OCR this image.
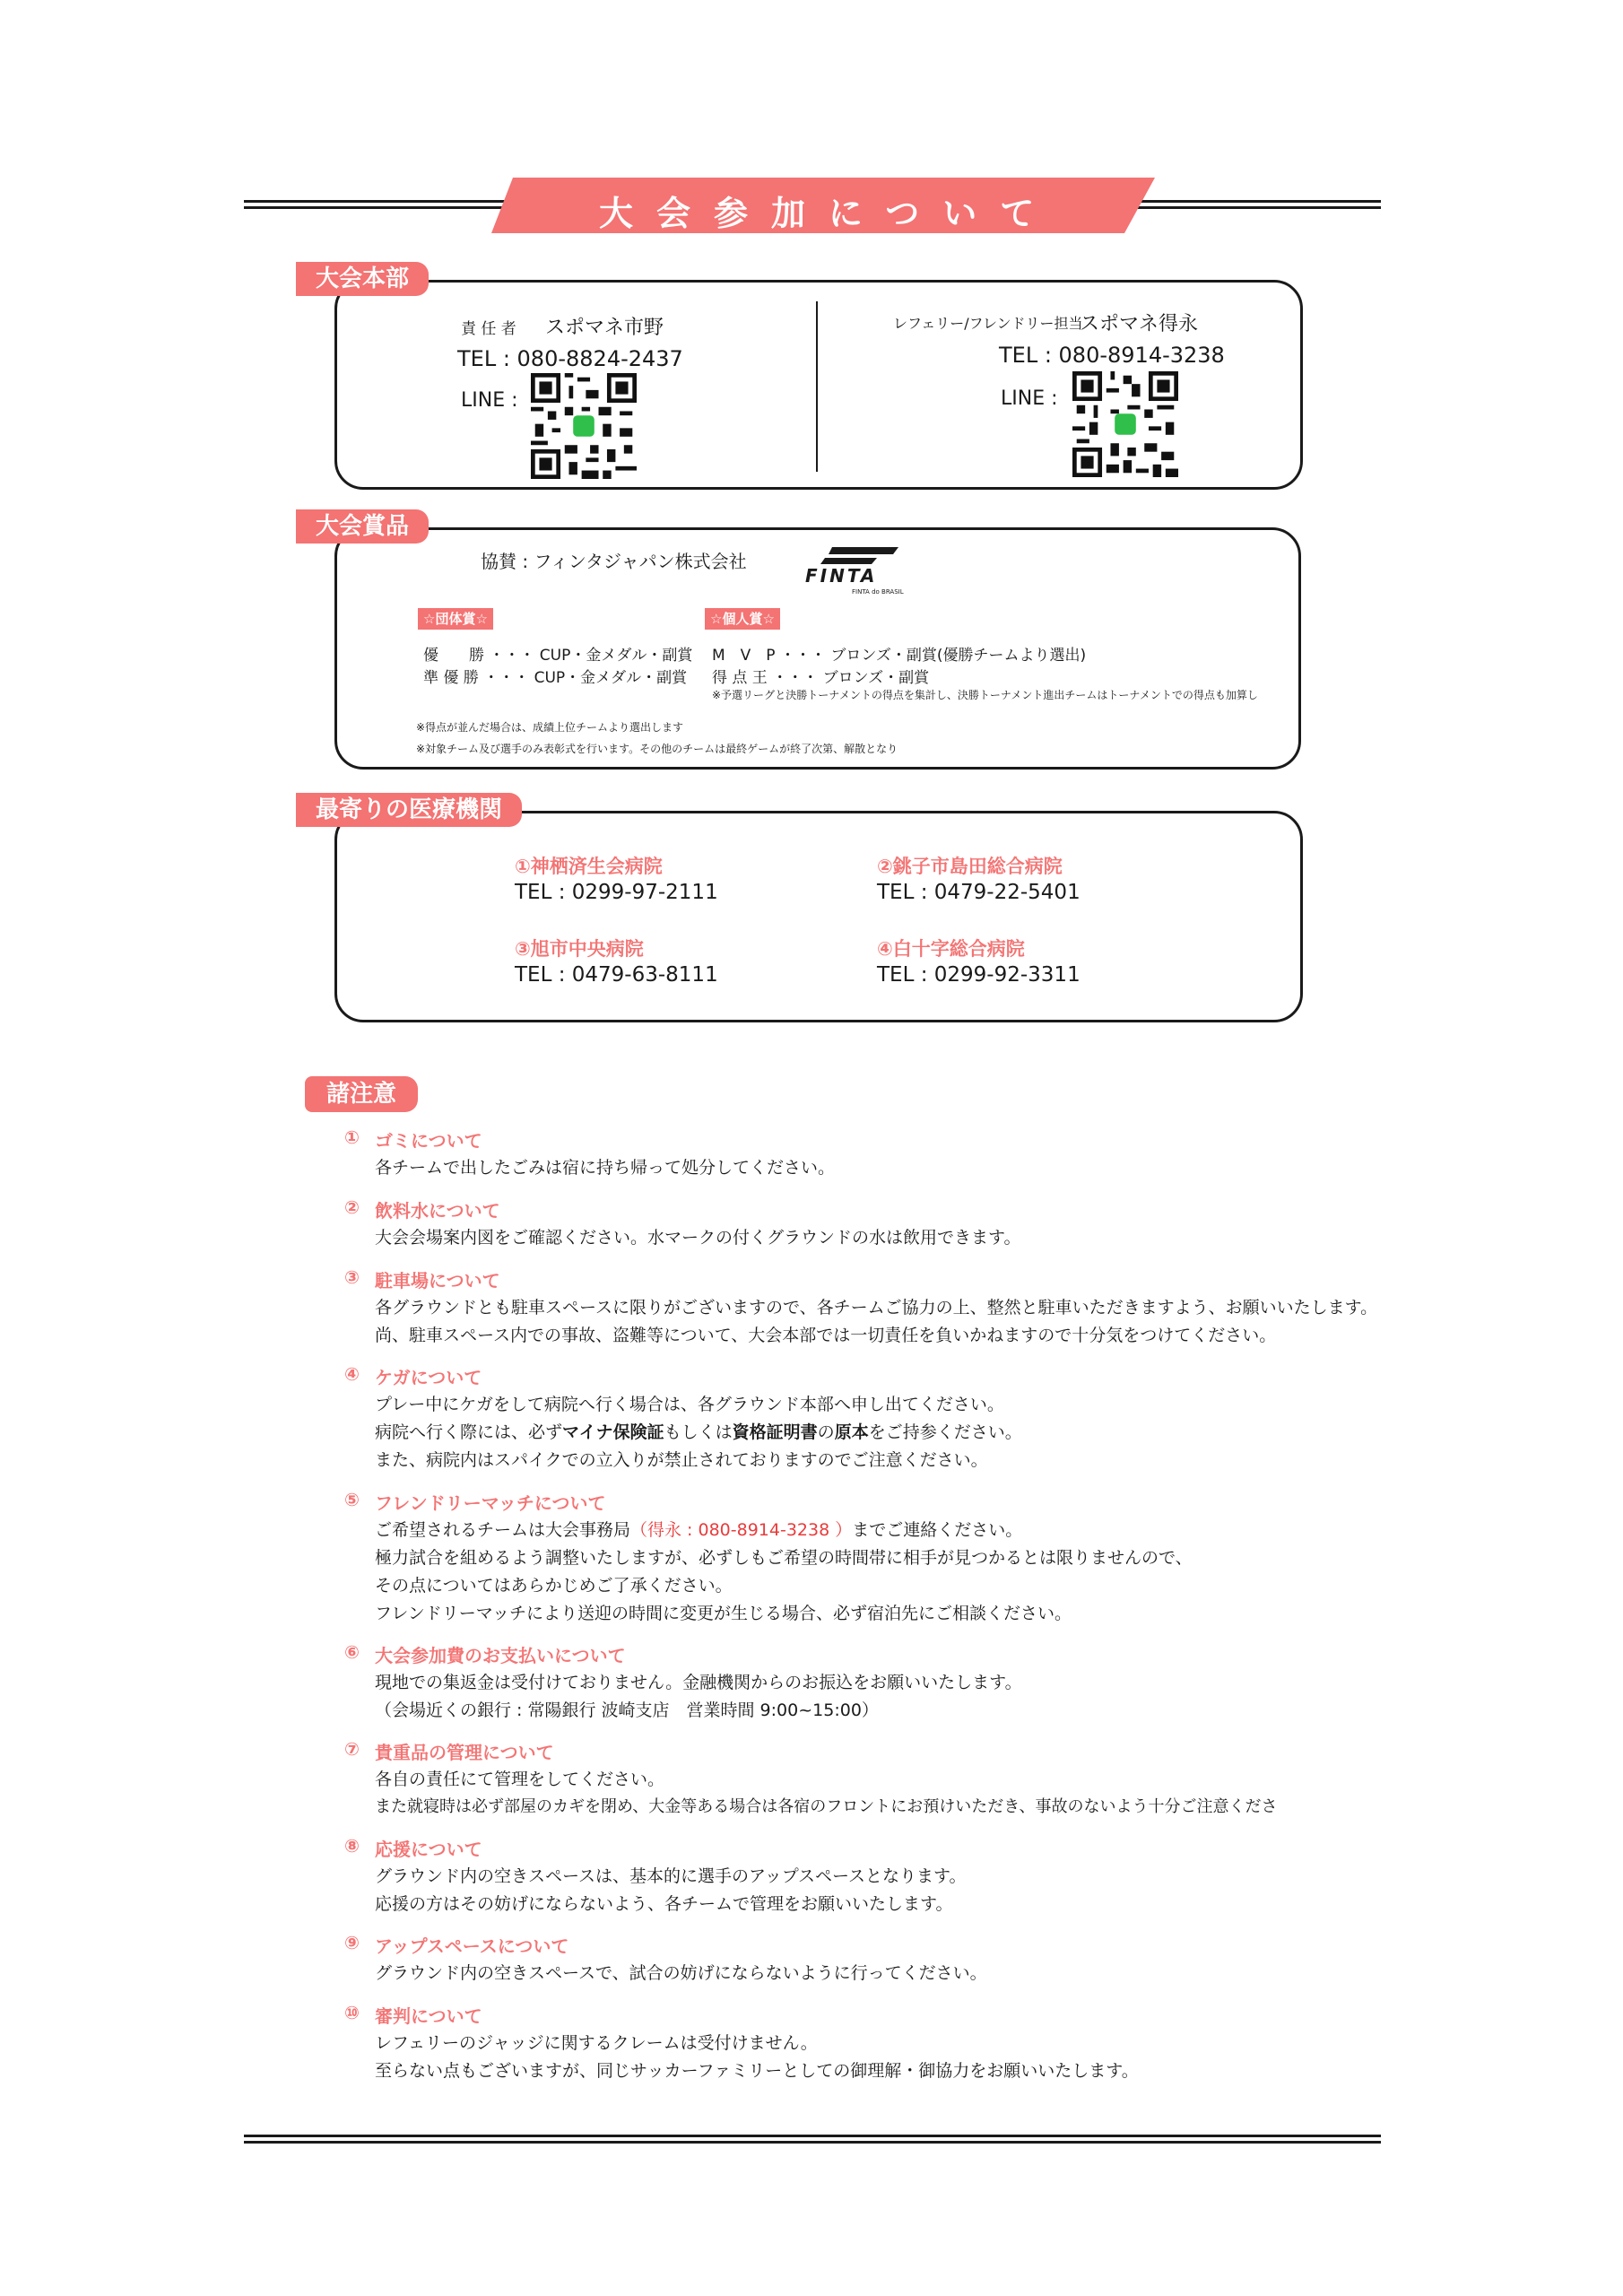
大会参加について
大会本部
責 任 者 スポマネ市野
TEL : 080-8824-2437
LINE :
レフェリー/フレンドリー担当
スポマネ得永
TEL : 080-8914-3238
LINE :
大会賞品
協賛 : フィンタジャパン株式会社
FINTA
FINTA do BRASIL
☆団体賞☆
優　　勝 ・・・ CUP・金メダル・副賞
準 優 勝 ・・・ CUP・金メダル・副賞
☆個人賞☆
M　V　P ・・・ ブロンズ・副賞(優勝チームより選出)
得 点 王 ・・・ ブロンズ・副賞
※予選リーグと決勝トーナメントの得点を集計し、決勝トーナメント進出チームはトーナメントでの得点も加算し
※得点が並んだ場合は、成績上位チームより選出します
※対象チーム及び選手のみ表彰式を行います。その他のチームは最終ゲームが終了次第、解散となり
最寄りの医療機関
①神栖済生会病院
TEL : 0299-97-2111
②銚子市島田総合病院
TEL : 0479-22-5401
③旭市中央病院
TEL : 0479-63-8111
④白十字総合病院
TEL : 0299-92-3311
諸注意
① ゴミについて
各チームで出したごみは宿に持ち帰って処分してください。
② 飲料水について
大会会場案内図をご確認ください。水マークの付くグラウンドの水は飲用できます。
③ 駐車場について
各グラウンドとも駐車スペースに限りがございますので、各チームご協力の上、整然と駐車いただきますよう、お願いいたします。
尚、駐車スペース内での事故、盗難等について、大会本部では一切責任を負いかねますので十分気をつけてください。
④ ケガについて
プレー中にケガをして病院へ行く場合は、各グラウンド本部へ申し出てください。
病院へ行く際には、必ずマイナ保険証もしくは資格証明書の原本をご持参ください。
また、病院内はスパイクでの立入りが禁止されておりますのでご注意ください。
⑤ フレンドリーマッチについて
ご希望されるチームは大会事務局（得永 : 080-8914-3238 ）までご連絡ください。
極力試合を組めるよう調整いたしますが、必ずしもご希望の時間帯に相手が見つかるとは限りませんので、
その点についてはあらかじめご了承ください。
フレンドリーマッチにより送迎の時間に変更が生じる場合、必ず宿泊先にご相談ください。
⑥ 大会参加費のお支払いについて
現地での集返金は受付けておりません。金融機関からのお振込をお願いいたします。
（会場近くの銀行 : 常陽銀行 波崎支店　営業時間 9:00~15:00）
⑦ 貴重品の管理について
各自の責任にて管理をしてください。
また就寝時は必ず部屋のカギを閉め、大金等ある場合は各宿のフロントにお預けいただき、事故のないよう十分ご注意くださ
⑧ 応援について
グラウンド内の空きスペースは、基本的に選手のアップスペースとなります。
応援の方はその妨げにならないよう、各チームで管理をお願いいたします。
⑨ アップスペースについて
グラウンド内の空きスペースで、試合の妨げにならないように行ってください。
⑩ 審判について
レフェリーのジャッジに関するクレームは受付けません。
至らない点もございますが、同じサッカーファミリーとしての御理解・御協力をお願いいたします。
